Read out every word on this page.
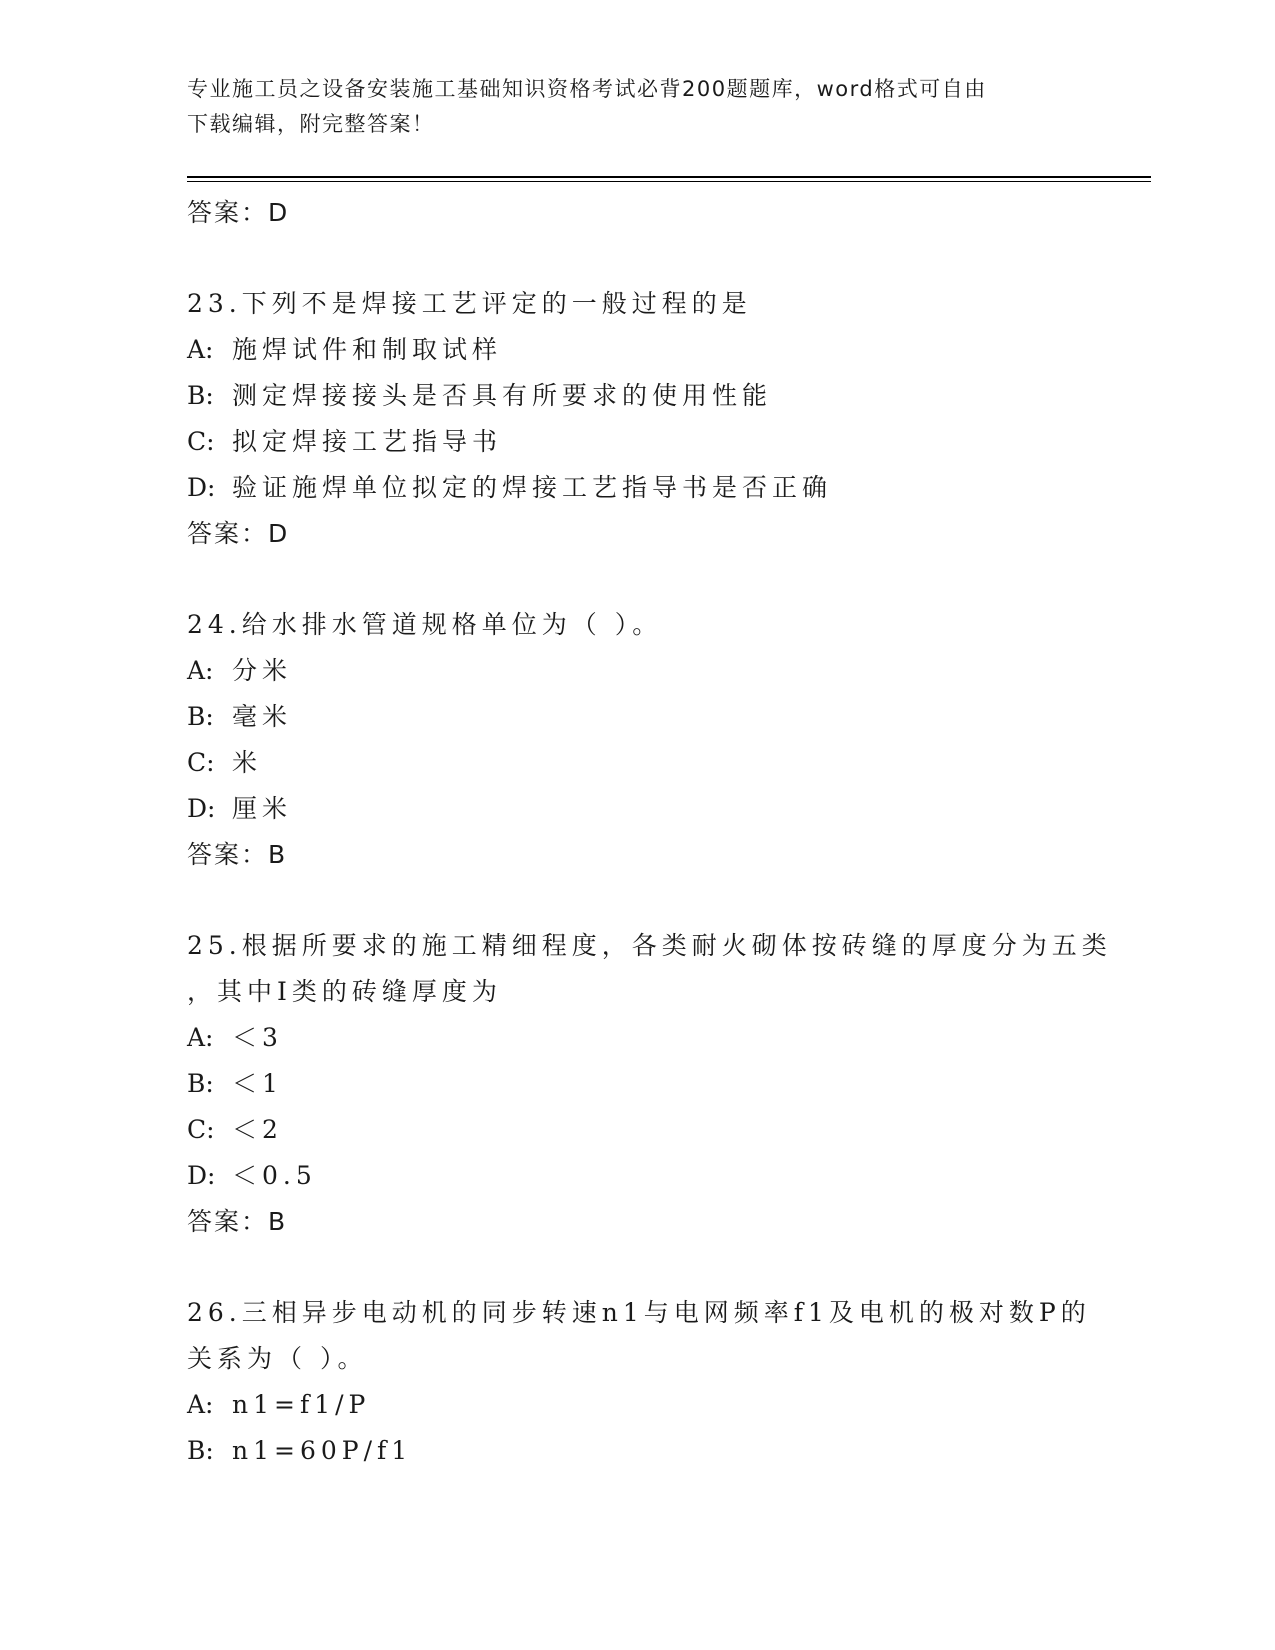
专业施工员之设备安装施工基础知识资格考试必背200题题库，word格式可自由
下载编辑，附完整答案！
答案：D
23.下列不是焊接工艺评定的一般过程的是
A: 施焊试件和制取试样
B: 测定焊接接头是否具有所要求的使用性能
C: 拟定焊接工艺指导书
D: 验证施焊单位拟定的焊接工艺指导书是否正确
答案：D
24.给水排水管道规格单位为（ ）。
A: 分米
B: 毫米
C: 米
D: 厘米
答案：B
25.根据所要求的施工精细程度，各类耐火砌体按砖缝的厚度分为五类
，其中Ⅰ类的砖缝厚度为
A: ＜3
B: ＜1
C: ＜2
D: ＜0.5
答案：B
26.三相异步电动机的同步转速n1与电网频率f1及电机的极对数P的
关系为（ ）。
A: n1=f1/P
B: n1=60P/f1
